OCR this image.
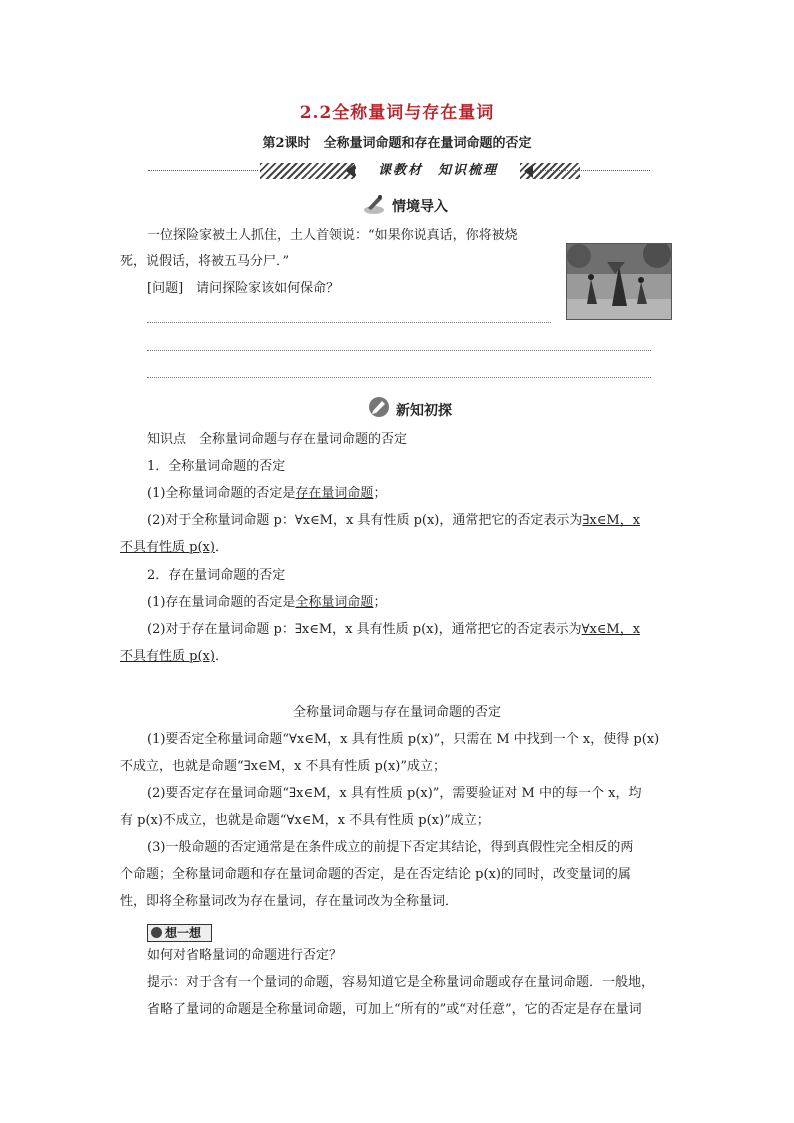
2.2全称量词与存在量词
第2课时　全称量词命题和存在量词命题的否定
课教材　知识梳理
情境导入
一位探险家被土人抓住，土人首领说：“如果你说真话，你将被烧
死，说假话，将被五马分尸．”
[问题]　请问探险家该如何保命？
新知初探
知识点　全称量词命题与存在量词命题的否定
1．全称量词命题的否定
(1)全称量词命题的否定是存在量词命题；
(2)对于全称量词命题 p：∀x∈M，x 具有性质 p(x)，通常把它的否定表示为∃x∈M，x
不具有性质 p(x)．
2．存在量词命题的否定
(1)存在量词命题的否定是全称量词命题；
(2)对于存在量词命题 p：∃x∈M，x 具有性质 p(x)，通常把它的否定表示为∀x∈M，x
不具有性质 p(x)．
全称量词命题与存在量词命题的否定
(1)要否定全称量词命题“∀x∈M，x 具有性质 p(x)”，只需在 M 中找到一个 x，使得 p(x)
不成立，也就是命题“∃x∈M，x 不具有性质 p(x)”成立；
(2)要否定存在量词命题“∃x∈M，x 具有性质 p(x)”，需要验证对 M 中的每一个 x，均
有 p(x)不成立，也就是命题“∀x∈M，x 不具有性质 p(x)”成立；
(3)一般命题的否定通常是在条件成立的前提下否定其结论，得到真假性完全相反的两
个命题；全称量词命题和存在量词命题的否定，是在否定结论 p(x)的同时，改变量词的属
性，即将全称量词改为存在量词，存在量词改为全称量词．
想一想
如何对省略量词的命题进行否定？
提示：对于含有一个量词的命题，容易知道它是全称量词命题或存在量词命题．一般地，
省略了量词的命题是全称量词命题，可加上“所有的”或“对任意”，它的否定是存在量词
